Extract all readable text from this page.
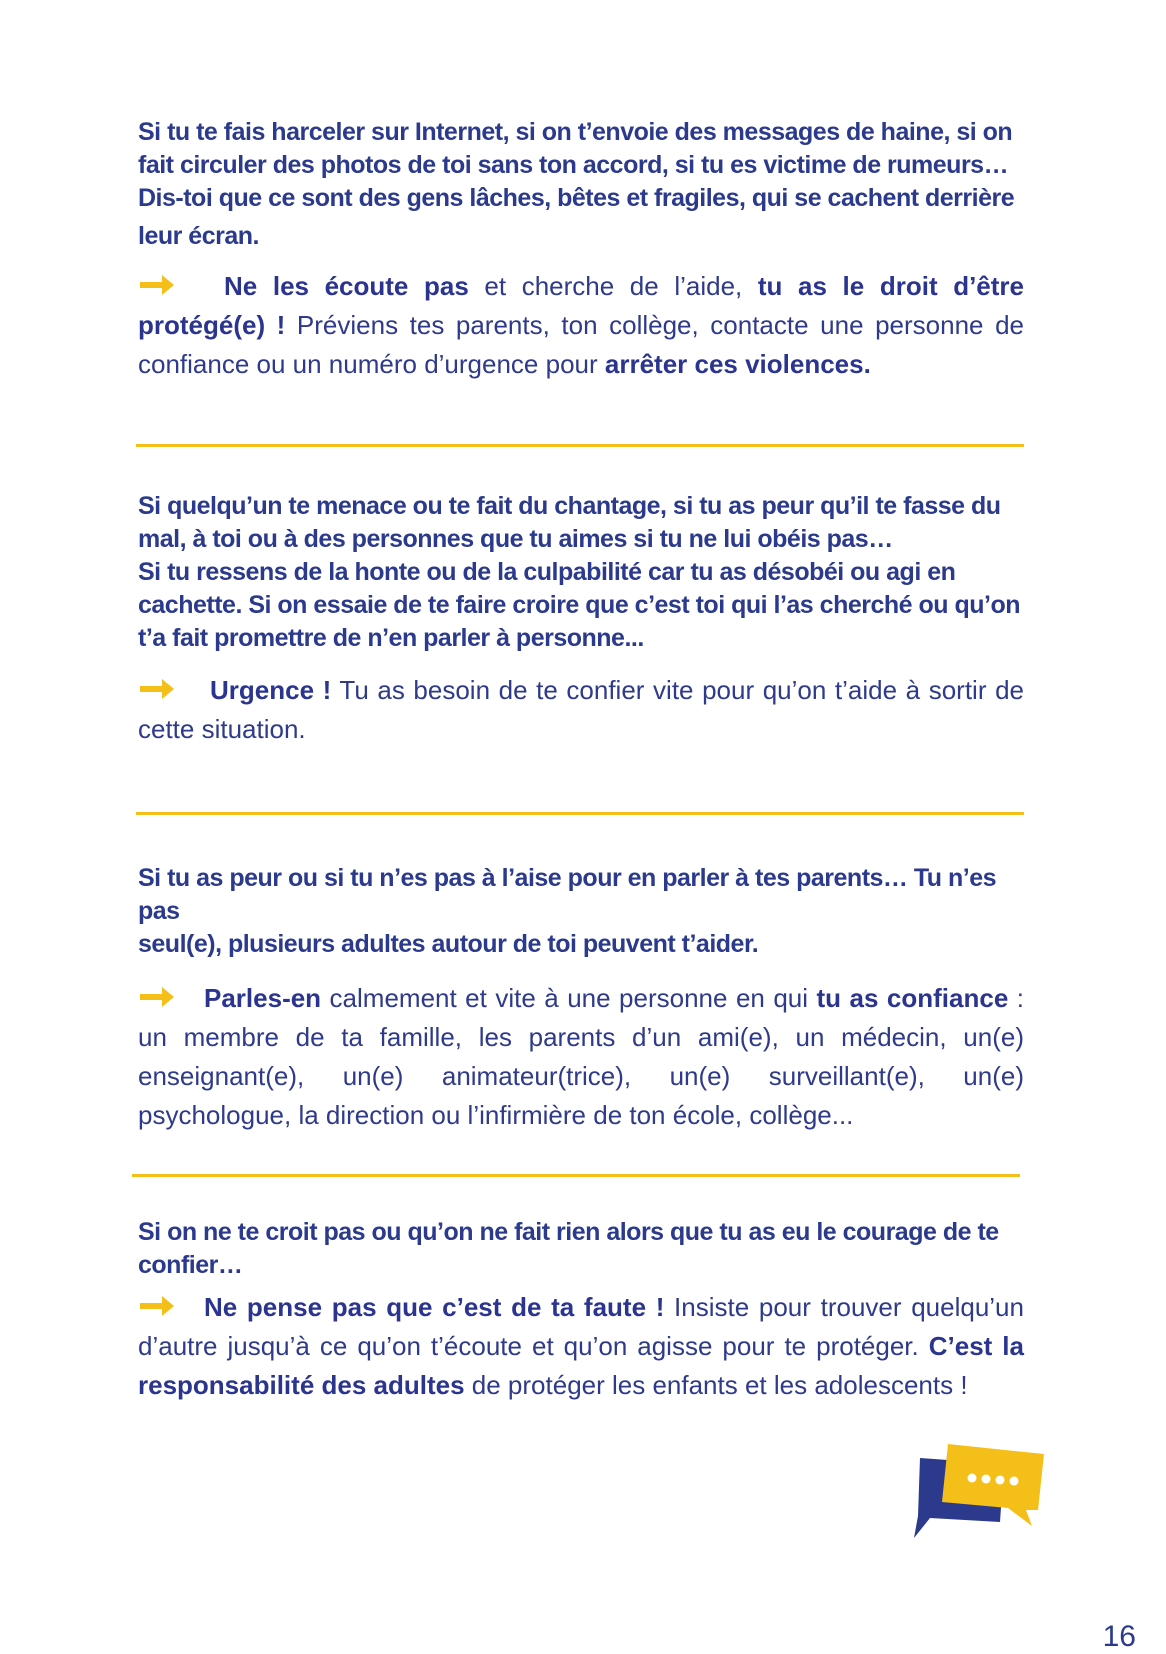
Si tu te fais harceler sur Internet, si on t’envoie des messages de haine, si on
fait circuler des photos de toi sans ton accord, si tu es victime de rumeurs…
Dis-toi que ce sont des gens lâches, bêtes et fragiles, qui se cachent derrière
leur écran.

Ne les écoute pas et cherche de l’aide, tu as le droit d’être protégé(e) ! Préviens tes parents, ton collège, contacte une personne de confiance ou un numéro d’urgence pour arrêter ces violences.

Si quelqu’un te menace ou te fait du chantage, si tu as peur qu’il te fasse du
mal, à toi ou à des personnes que tu aimes si tu ne lui obéis pas…
Si tu ressens de la honte ou de la culpabilité car tu as désobéi ou agi en
cachette. Si on essaie de te faire croire que c’est toi qui l’as cherché ou qu’on
t’a fait promettre de n’en parler à personne...

Urgence ! Tu as besoin de te confier vite pour qu’on t’aide à sortir de cette situation.

Si tu as peur ou si tu n’es pas à l’aise pour en parler à tes parents… Tu n’es pas
seul(e), plusieurs adultes autour de toi peuvent t’aider.

Parles-en calmement et vite à une personne en qui tu as confiance : un membre de ta famille, les parents d’un ami(e), un médecin, un(e) enseignant(e), un(e) animateur(trice), un(e) surveillant(e), un(e) psychologue, la direction ou l’infirmière de ton école, collège...

Si on ne te croit pas ou qu’on ne fait rien alors que tu as eu le courage de te
confier…

Ne pense pas que c’est de ta faute ! Insiste pour trouver quelqu’un d’autre jusqu’à ce qu’on t’écoute et qu’on agisse pour te protéger. C’est la responsabilité des adultes de protéger les enfants et les adolescents !

16
